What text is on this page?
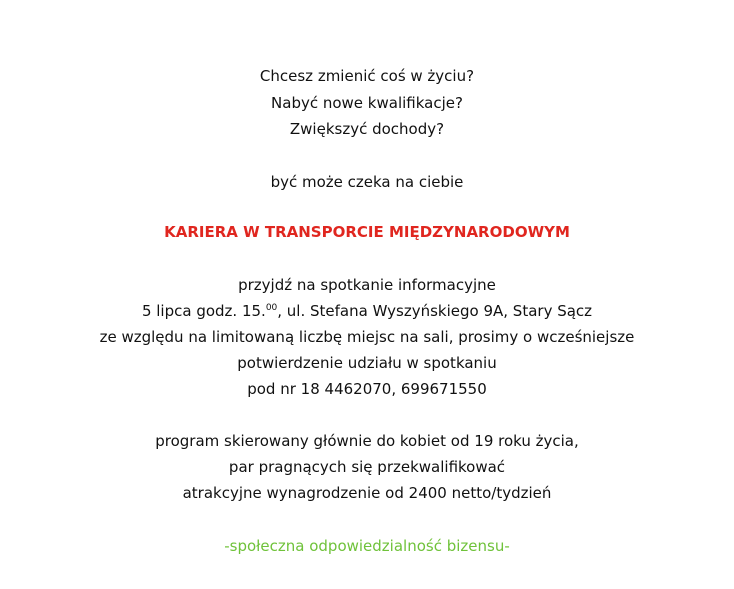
Chcesz zmienić coś w życiu?
Nabyć nowe kwalifikacje?
Zwiększyć dochody?
być może czeka na ciebie
KARIERA W TRANSPORCIE MIĘDZYNARODOWYM
przyjdź na spotkanie informacyjne
5 lipca godz. 15.00, ul. Stefana Wyszyńskiego 9A, Stary Sącz
ze względu na limitowaną liczbę miejsc na sali, prosimy o wcześniejsze
potwierdzenie udziału w spotkaniu
pod nr 18 4462070, 699671550
program skierowany głównie do kobiet od 19 roku życia,
par pragnących się przekwalifikować
atrakcyjne wynagrodzenie od 2400 netto/tydzień
-społeczna odpowiedzialność bizensu-
